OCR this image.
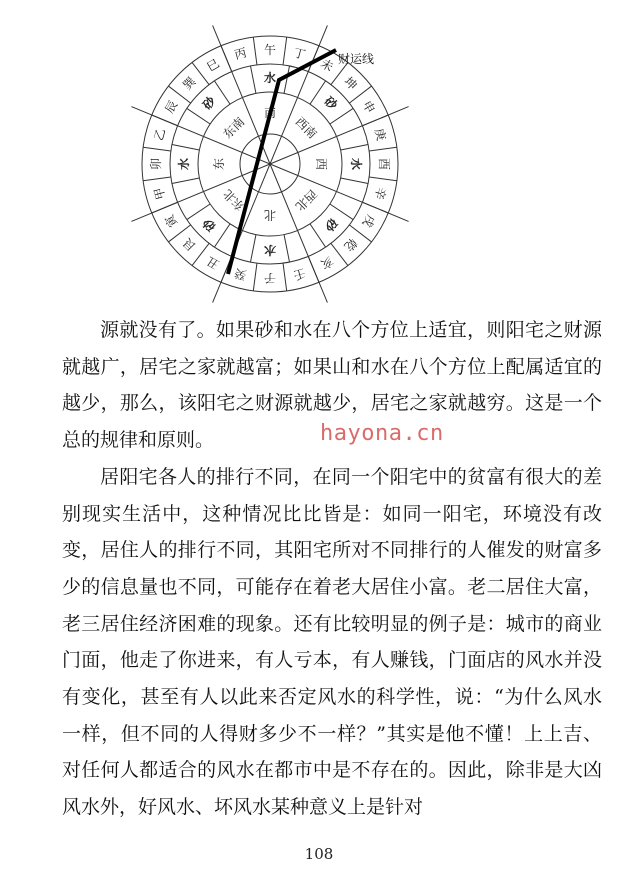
午 丁
未
坤
申
庚
酉
辛
戌
乾
亥
壬
子
癸
丑
艮
寅
甲
卯
乙
辰
巽
巳
丙
水
砂
水
砂
水
砂
水
砂
南
西南
西
西北
北
东北
东
东南
财运线

源就没有了。如果砂和水在八个方位上适宜，则阳宅之财源就越广，居宅之家就越富；如果山和水在八个方位上配属适宜的越少，那么，该阳宅之财源就越少，居宅之家就越穷。这是一个总的规律和原则。

居阳宅各人的排行不同，在同一个阳宅中的贫富有很大的差别现实生活中，这种情况比比皆是：如同一阳宅，环境没有改变，居住人的排行不同，其阳宅所对不同排行的人催发的财富多少的信息量也不同，可能存在着老大居住小富。老二居住大富，老三居住经济困难的现象。还有比较明显的例子是：城市的商业门面，他走了你进来，有人亏本，有人赚钱，门面店的风水并没有变化，甚至有人以此来否定风水的科学性，说：“为什么风水一样，但不同的人得财多少不一样？”其实是他不懂！上上吉、对任何人都适合的风水在都市中是不存在的。因此，除非是大凶风水外，好风水、坏风水某种意义上是针对

hayona.cn
108
